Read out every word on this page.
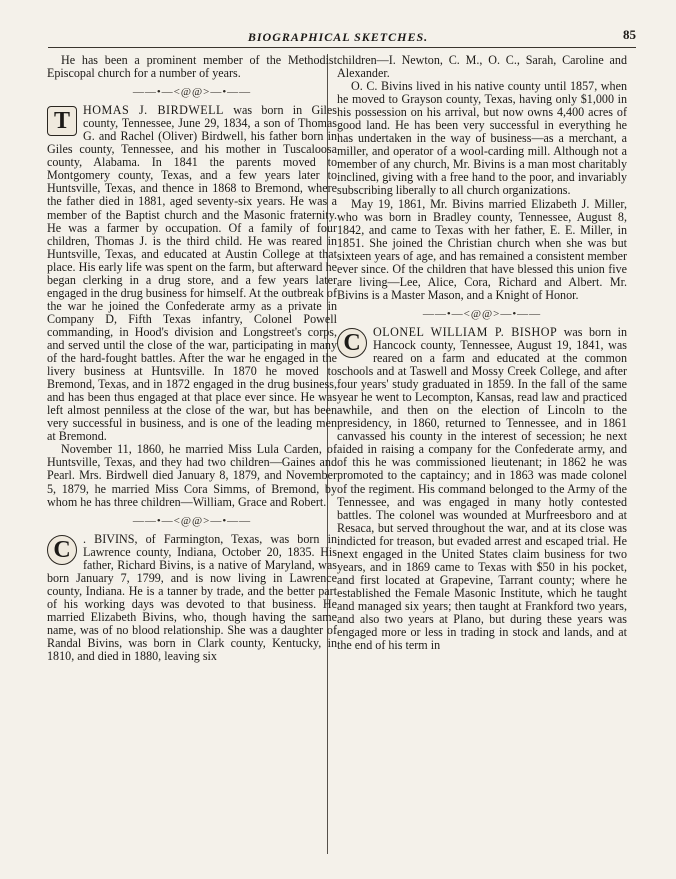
BIOGRAPHICAL SKETCHES.	85

He has been a prominent member of the Methodist Episcopal church for a number of years.

——•—<@@>—•——

T	HOMAS J. BIRDWELL was born in Giles county, Tennessee, June 29, 1834, a son of Thomas G. and Rachel (Oliver) Birdwell, his father born in Giles county, Tennessee, and his mother in Tuscaloosa county, Alabama. In 1841 the parents moved to Montgomery county, Texas, and a few years later to Huntsville, Texas, and thence in 1868 to Bremond, where the father died in 1881, aged seventy-six years. He was a member of the Baptist church and the Masonic fraternity. He was a farmer by occupation. Of a family of four children, Thomas J. is the third child. He was reared in Huntsville, Texas, and educated at Austin College at that place. His early life was spent on the farm, but afterward he began clerking in a drug store, and a few years later engaged in the drug business for himself. At the outbreak of the war he joined the Confederate army as a private in Company D, Fifth Texas infantry, Colonel Powell commanding, in Hood's division and Longstreet's corps, and served until the close of the war, participating in many of the hard-fought battles. After the war he engaged in the livery business at Huntsville. In 1870 he moved to Bremond, Texas, and in 1872 engaged in the drug business, and has been thus engaged at that place ever since. He was left almost penniless at the close of the war, but has been very successful in business, and is one of the leading men at Bremond.

November 11, 1860, he married Miss Lula Carden, of Huntsville, Texas, and they had two children—Gaines and Pearl. Mrs. Birdwell died January 8, 1879, and November 5, 1879, he married Miss Cora Simms, of Bremond, by whom he has three children—William, Grace and Robert.

——•—<@@>—•——

C	. BIVINS, of Farmington, Texas, was born in Lawrence county, Indiana, October 20, 1835. His father, Richard Bivins, is a native of Maryland, was born January 7, 1799, and is now living in Lawrence county, Indiana. He is a tanner by trade, and the better part of his working days was devoted to that business. He married Elizabeth Bivins, who, though having the same name, was of no blood relationship. She was a daughter of Randal Bivins, was born in Clark county, Kentucky, in 1810, and died in 1880, leaving six

children—I. Newton, C. M., O. C., Sarah, Caroline and Alexander.

O. C. Bivins lived in his native county until 1857, when he moved to Grayson county, Texas, having only $1,000 in his possession on his arrival, but now owns 4,400 acres of good land. He has been very successful in everything he has undertaken in the way of business—as a merchant, a miller, and operator of a wool-carding mill. Although not a member of any church, Mr. Bivins is a man most charitably inclined, giving with a free hand to the poor, and invariably subscribing liberally to all church organizations.

May 19, 1861, Mr. Bivins married Elizabeth J. Miller, who was born in Bradley county, Tennessee, August 8, 1842, and came to Texas with her father, E. E. Miller, in 1851. She joined the Christian church when she was but sixteen years of age, and has remained a consistent member ever since. Of the children that have blessed this union five are living—Lee, Alice, Cora, Richard and Albert. Mr. Bivins is a Master Mason, and a Knight of Honor.

——•—<@@>—•——

C	OLONEL WILLIAM P. BISHOP was born in Hancock county, Tennessee, August 19, 1841, was reared on a farm and educated at the common schools and at Taswell and Mossy Creek College, and after four years' study graduated in 1859. In the fall of the same year he went to Lecompton, Kansas, read law and practiced awhile, and then on the election of Lincoln to the presidency, in 1860, returned to Tennessee, and in 1861 canvassed his county in the interest of secession; he next aided in raising a company for the Confederate army, and of this he was commissioned lieutenant; in 1862 he was promoted to the captaincy; and in 1863 was made colonel of the regiment. His command belonged to the Army of the Tennessee, and was engaged in many hotly contested battles. The colonel was wounded at Murfreesboro and at Resaca, but served throughout the war, and at its close was indicted for treason, but evaded arrest and escaped trial. He next engaged in the United States claim business for two years, and in 1869 came to Texas with $50 in his pocket, and first located at Grapevine, Tarrant county; where he established the Female Masonic Institute, which he taught and managed six years; then taught at Frankford two years, and also two years at Plano, but during these years was engaged more or less in trading in stock and lands, and at the end of his term in
